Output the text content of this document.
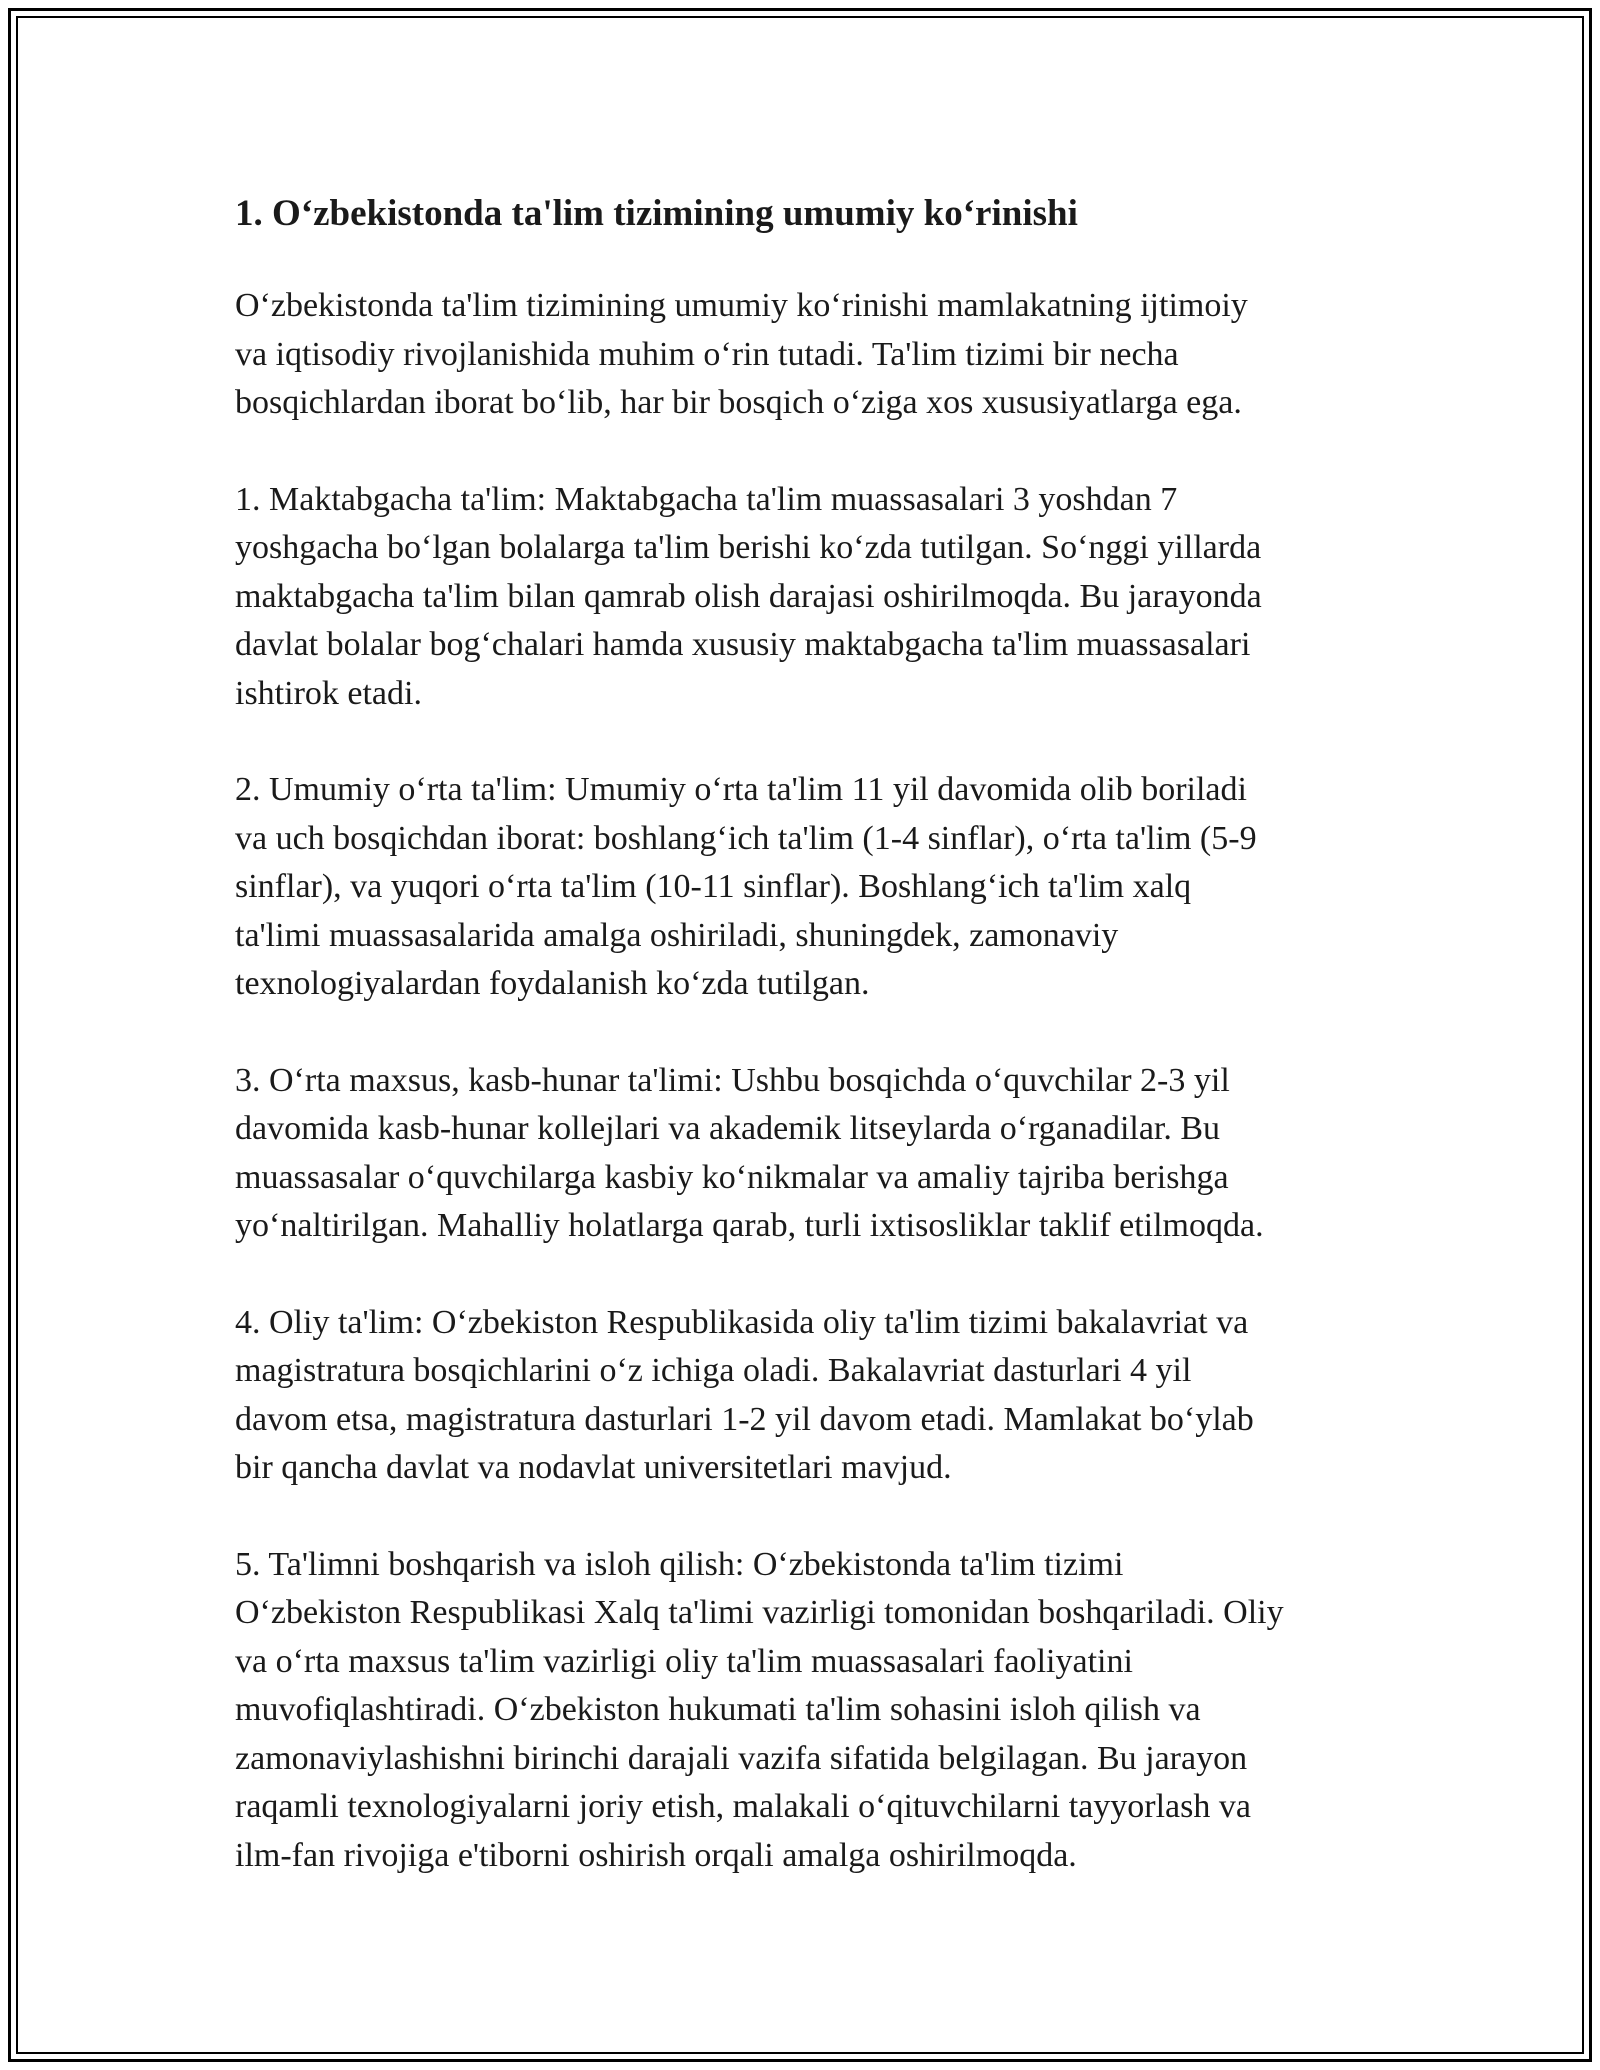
1. O‘zbekistonda ta'lim tizimining umumiy ko‘rinishi

O‘zbekistonda ta'lim tizimining umumiy ko‘rinishi mamlakatning ijtimoiy
va iqtisodiy rivojlanishida muhim o‘rin tutadi. Ta'lim tizimi bir necha
bosqichlardan iborat bo‘lib, har bir bosqich o‘ziga xos xususiyatlarga ega.

1. Maktabgacha ta'lim: Maktabgacha ta'lim muassasalari 3 yoshdan 7
yoshgacha bo‘lgan bolalarga ta'lim berishi ko‘zda tutilgan. So‘nggi yillarda
maktabgacha ta'lim bilan qamrab olish darajasi oshirilmoqda. Bu jarayonda
davlat bolalar bog‘chalari hamda xususiy maktabgacha ta'lim muassasalari
ishtirok etadi.

2. Umumiy o‘rta ta'lim: Umumiy o‘rta ta'lim 11 yil davomida olib boriladi
va uch bosqichdan iborat: boshlang‘ich ta'lim (1-4 sinflar), o‘rta ta'lim (5-9
sinflar), va yuqori o‘rta ta'lim (10-11 sinflar). Boshlang‘ich ta'lim xalq
ta'limi muassasalarida amalga oshiriladi, shuningdek, zamonaviy
texnologiyalardan foydalanish ko‘zda tutilgan.

3. O‘rta maxsus, kasb-hunar ta'limi: Ushbu bosqichda o‘quvchilar 2-3 yil
davomida kasb-hunar kollejlari va akademik litseylarda o‘rganadilar. Bu
muassasalar o‘quvchilarga kasbiy ko‘nikmalar va amaliy tajriba berishga
yo‘naltirilgan. Mahalliy holatlarga qarab, turli ixtisosliklar taklif etilmoqda.

4. Oliy ta'lim: O‘zbekiston Respublikasida oliy ta'lim tizimi bakalavriat va
magistratura bosqichlarini o‘z ichiga oladi. Bakalavriat dasturlari 4 yil
davom etsa, magistratura dasturlari 1-2 yil davom etadi. Mamlakat bo‘ylab
bir qancha davlat va nodavlat universitetlari mavjud.

5. Ta'limni boshqarish va isloh qilish: O‘zbekistonda ta'lim tizimi
O‘zbekiston Respublikasi Xalq ta'limi vazirligi tomonidan boshqariladi. Oliy
va o‘rta maxsus ta'lim vazirligi oliy ta'lim muassasalari faoliyatini
muvofiqlashtiradi. O‘zbekiston hukumati ta'lim sohasini isloh qilish va
zamonaviylashishni birinchi darajali vazifa sifatida belgilagan. Bu jarayon
raqamli texnologiyalarni joriy etish, malakali o‘qituvchilarni tayyorlash va
ilm-fan rivojiga e'tiborni oshirish orqali amalga oshirilmoqda.
